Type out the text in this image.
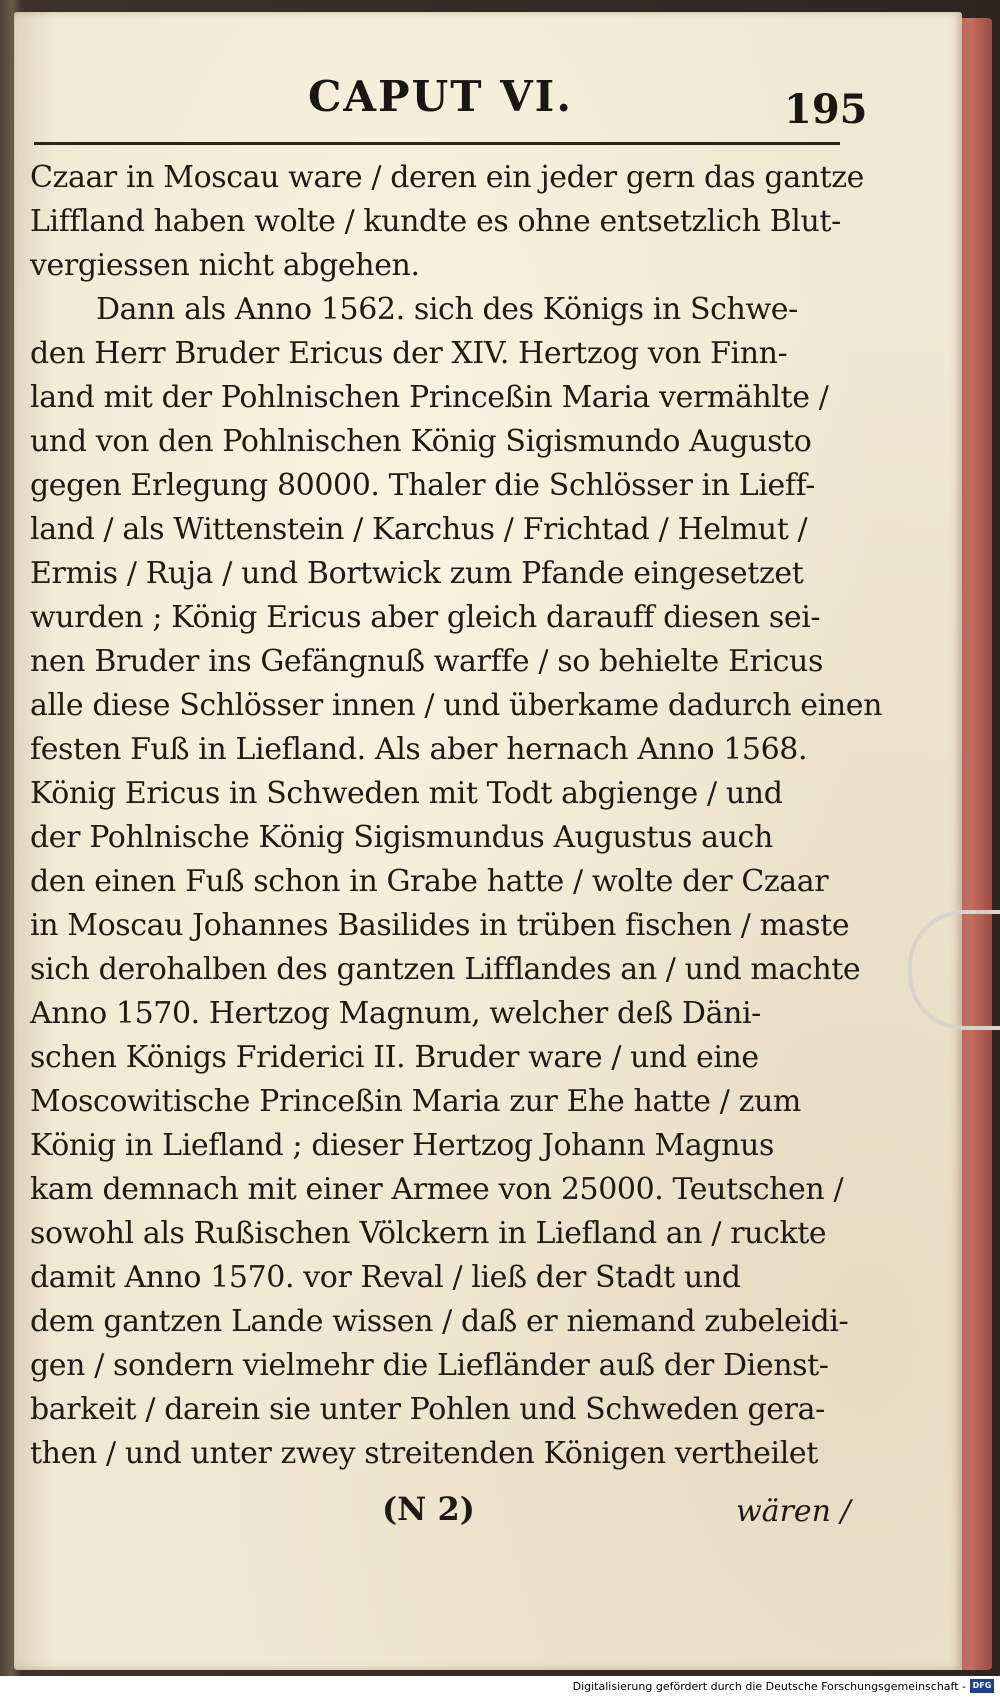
CAPUT VI.	195
Czaar in Moscau ware / deren ein jeder gern das gantze
Liffland haben wolte / kundte es ohne entsetzlich Blut-
vergiessen nicht abgehen.
Dann als Anno 1562. sich des Königs in Schwe-
den Herr Bruder Ericus der XIV. Hertzog von Finn-
land mit der Pohlnischen Princeßin Maria vermählte /
und von den Pohlnischen König Sigismundo Augusto
gegen Erlegung 80000. Thaler die Schlösser in Lieff-
land / als Wittenstein / Karchus / Frichtad / Helmut /
Ermis / Ruja / und Bortwick zum Pfande eingesetzet
wurden ; König Ericus aber gleich darauff diesen sei-
nen Bruder ins Gefängnuß warffe / so behielte Ericus
alle diese Schlösser innen / und überkame dadurch einen
festen Fuß in Liefland. Als aber hernach Anno 1568.
König Ericus in Schweden mit Todt abgienge / und
der Pohlnische König Sigismundus Augustus auch
den einen Fuß schon in Grabe hatte / wolte der Czaar
in Moscau Johannes Basilides in trüben fischen / maste
sich derohalben des gantzen Lifflandes an / und machte
Anno 1570. Hertzog Magnum, welcher deß Däni-
schen Königs Friderici II. Bruder ware / und eine
Moscowitische Princeßin Maria zur Ehe hatte / zum
König in Liefland ; dieser Hertzog Johann Magnus
kam demnach mit einer Armee von 25000. Teutschen /
sowohl als Rußischen Völckern in Liefland an / ruckte
damit Anno 1570. vor Reval / ließ der Stadt und
dem gantzen Lande wissen / daß er niemand zubeleidi-
gen / sondern vielmehr die Liefländer auß der Dienst-
barkeit / darein sie unter Pohlen und Schweden gera-
then / und unter zwey streitenden Königen vertheilet
(N 2)	wären /
Digitalisierung gefördert durch die Deutsche Forschungsgemeinschaft - DFG
